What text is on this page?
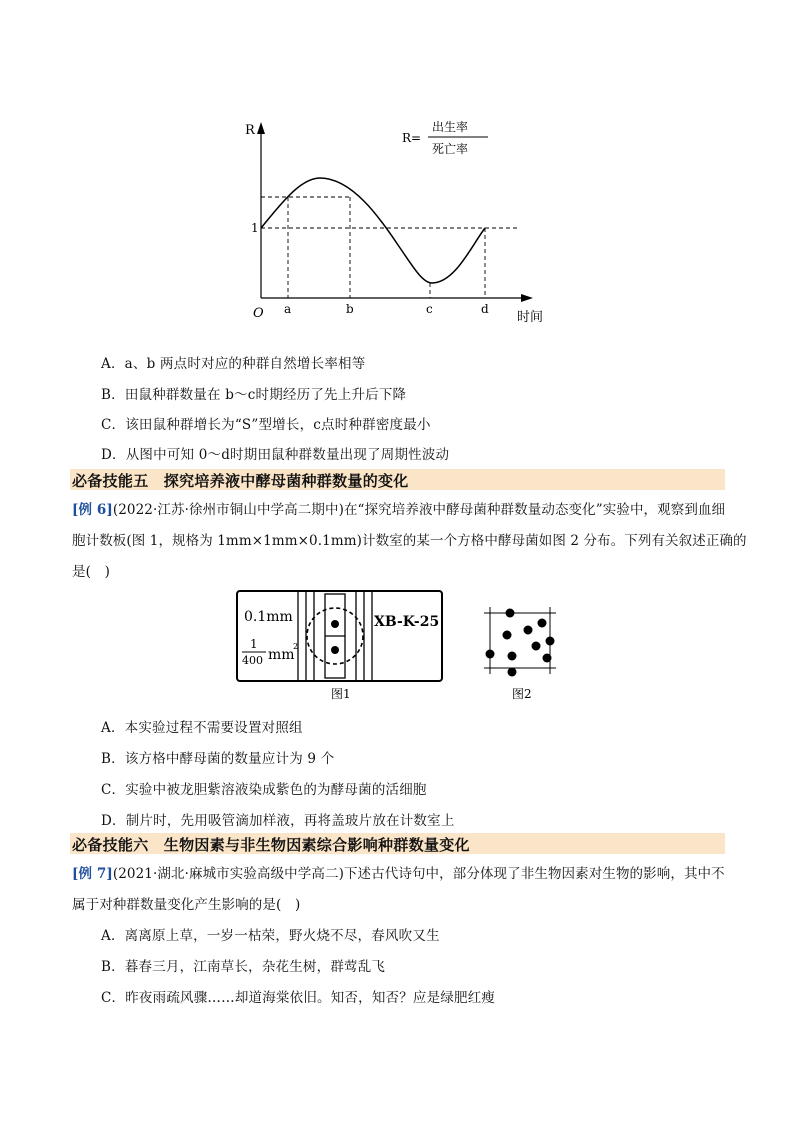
R
O	时间
1
a	b	c	d
R=
出生率
死亡率
A．a、b 两点时对应的种群自然增长率相等
B．田鼠种群数量在 b～c时期经历了先上升后下降
C．该田鼠种群增长为“S”型增长，c点时种群密度最小
D．从图中可知 0～d时期田鼠种群数量出现了周期性波动
必备技能五　探究培养液中酵母菌种群数量的变化
[例 6](2022·江苏·徐州市铜山中学高二期中)在“探究培养液中酵母菌种群数量动态变化”实验中，观察到血细
胞计数板(图 1，规格为 1mm×1mm×0.1mm)计数室的某一个方格中酵母菌如图 2 分布。下列有关叙述正确的
是(　)
0.1mm
1
400 mm
2
XB-K-25
图1	图2
A．本实验过程不需要设置对照组
B．该方格中酵母菌的数量应计为 9 个
C．实验中被龙胆紫溶液染成紫色的为酵母菌的活细胞
D．制片时，先用吸管滴加样液，再将盖玻片放在计数室上
必备技能六　生物因素与非生物因素综合影响种群数量变化
[例 7](2021·湖北·麻城市实验高级中学高二)下述古代诗句中，部分体现了非生物因素对生物的影响，其中不
属于对种群数量变化产生影响的是(　)
A．离离原上草，一岁一枯荣，野火烧不尽，春风吹又生
B．暮春三月，江南草长，杂花生树，群莺乱飞
C．昨夜雨疏风骤……却道海棠依旧。知否，知否？应是绿肥红瘦
